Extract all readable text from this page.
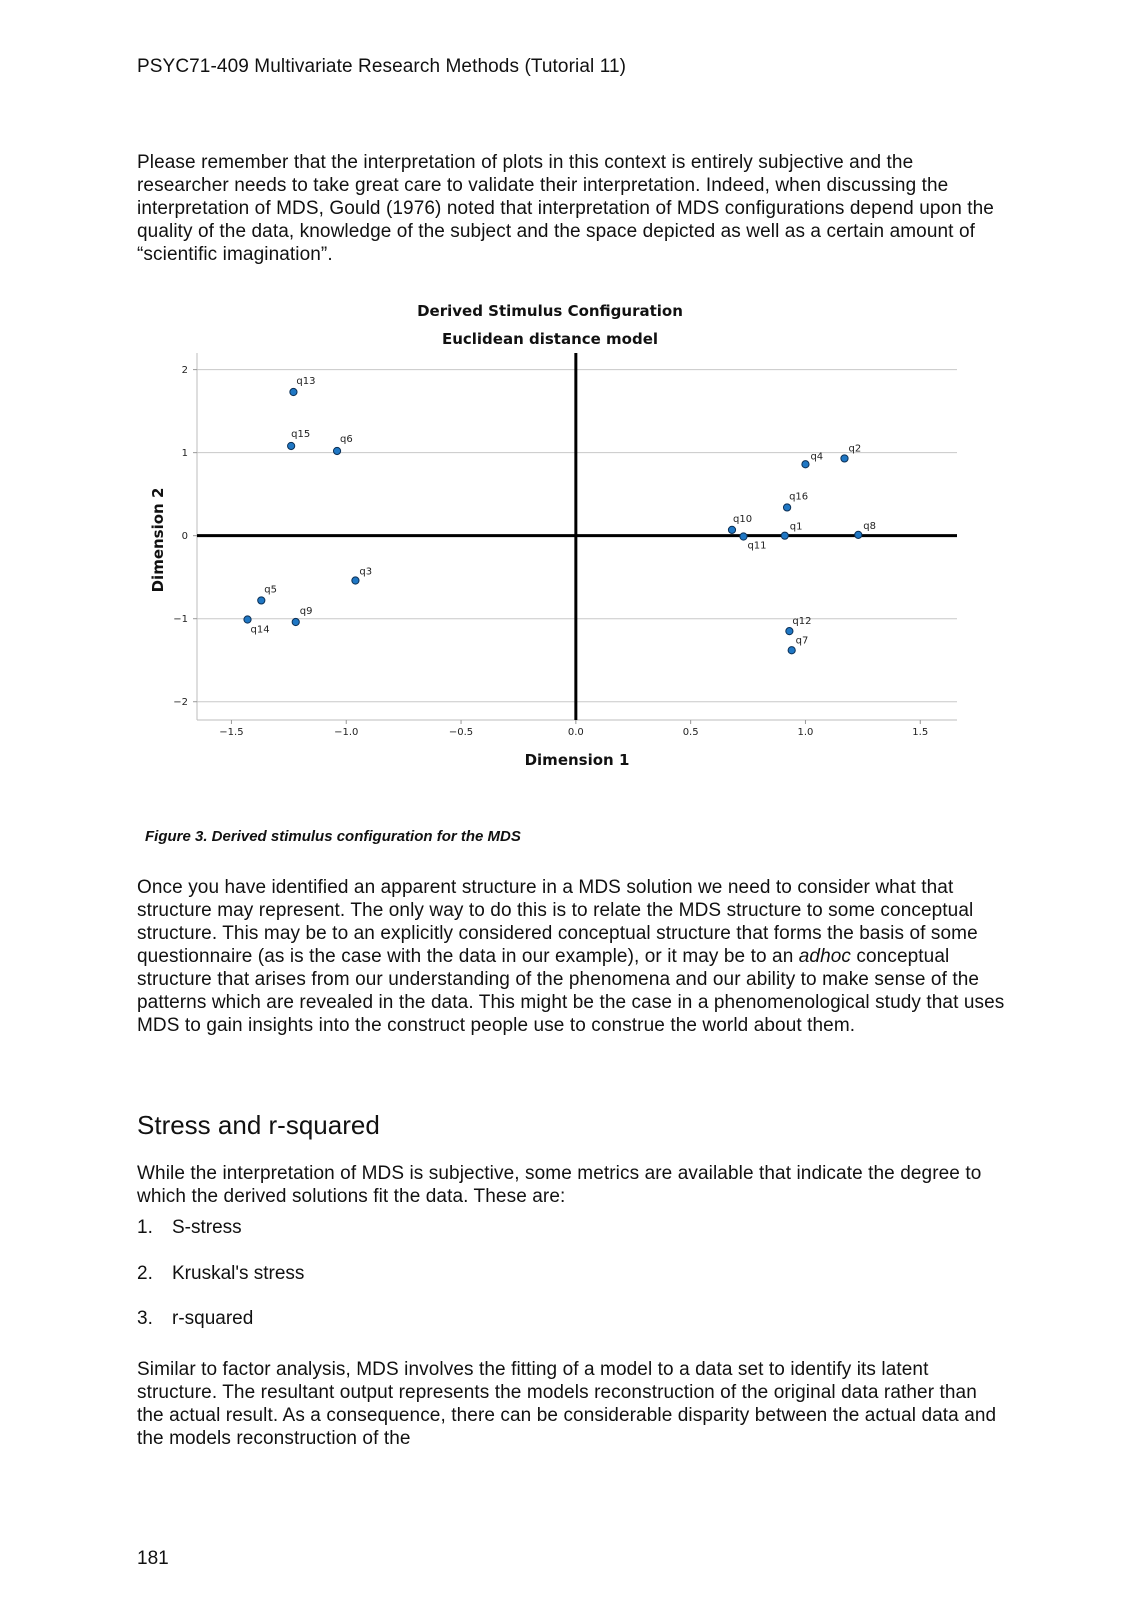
PSYC71-409 Multivariate Research Methods (Tutorial 11)
Please remember that the interpretation of plots in this context is entirely subjective and the researcher needs to take great care to validate their interpretation. Indeed, when discussing the interpretation of MDS, Gould (1976) noted that interpretation of MDS configurations depend upon the quality of the data, knowledge of the subject and the space depicted as well as a certain amount of “scientific imagination”.
Derived Stimulus Configuration
Euclidean distance model
−2
−1
0
1
2
−1.5	−1.0	−0.5	0.0	0.5	1.0	1.5
q13
q15	q6
q2
q4
q16
q10
q1	q8
q11
q3
q5
q9
q14
q12
q7
Dimension 1
Dimension 2
Figure 3. Derived stimulus configuration for the MDS
Once you have identified an apparent structure in a MDS solution we need to consider what that structure may represent. The only way to do this is to relate the MDS structure to some conceptual structure. This may be to an explicitly considered conceptual structure that forms the basis of some questionnaire (as is the case with the data in our example), or it may be to an adhoc conceptual structure that arises from our understanding of the phenomena and our ability to make sense of the patterns which are revealed in the data. This might be the case in a phenomenological study that uses MDS to gain insights into the construct people use to construe the world about them.
Stress and r-squared
While the interpretation of MDS is subjective, some metrics are available that indicate the degree to which the derived solutions fit the data. These are:
1. S-stress
2. Kruskal's stress
3. r-squared
Similar to factor analysis, MDS involves the fitting of a model to a data set to identify its latent structure. The resultant output represents the models reconstruction of the original data rather than the actual result. As a consequence, there can be considerable disparity between the actual data and the models reconstruction of the
181
